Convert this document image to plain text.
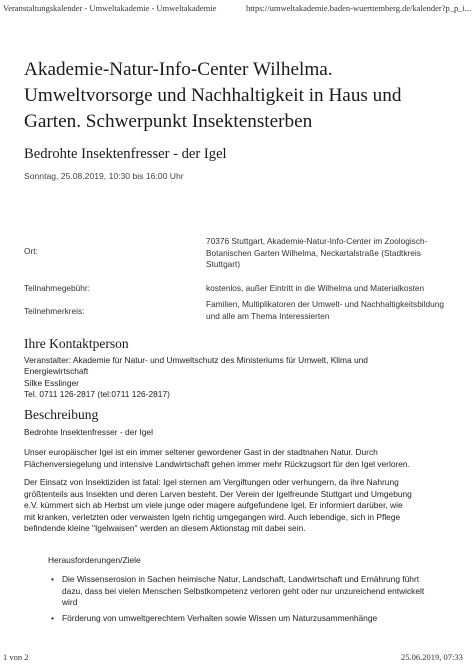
Veranstaltungskalender - Umweltakademie - Umweltakademie	https://umweltakademie.baden-wuerttemberg.de/kalender?p_p_i...
Akademie-Natur-Info-Center Wilhelma. Umweltvorsorge und Nachhaltigkeit in Haus und Garten. Schwerpunkt Insektensterben
Bedrohte Insektenfresser - der Igel
Sonntag, 25.08.2019, 10:30 bis 16:00 Uhr
Ort:
70376 Stuttgart, Akademie-Natur-Info-Center im Zoologisch-Botanischen Garten Wilhelma, Neckartalstraße (Stadtkreis Stuttgart)
Teilnahmegebühr:	kostenlos, außer Eintritt in die Wilhelma und Materialkosten
Teilnehmerkreis:
Familien, Multiplikatoren der Umwelt- und Nachhaltigkeitsbildung und alle am Thema Interessierten
Ihre Kontaktperson
Veranstalter: Akademie für Natur- und Umweltschutz des Ministeriums für Umwelt, Klima und
Energiewirtschaft
Silke Esslinger
Tel. 0711 126-2817 (tel:0711 126-2817)
Beschreibung
Bedrohte Insektenfresser - der Igel
Unser europäischer Igel ist ein immer seltener gewordener Gast in der stadtnahen Natur. Durch
Flächenversiegelung und intensive Landwirtschaft gehen immer mehr Rückzugsort für den Igel verloren.
Der Einsatz von Insektiziden ist fatal: Igel sternen am Vergiftungen oder verhungern, da ihre Nahrung
größtenteils aus Insekten und deren Larven besteht. Der Verein der Igelfreunde Stuttgart und Umgebung
e.V. kümmert sich ab Herbst um viele junge oder magere aufgefundene Igel. Er informiert darüber, wie
mit kranken, verletzten oder verwaisten Igeln richtig umgegangen wird. Auch lebendige, sich in Pflege
befindende kleine "Igelwaisen" werden an diesem Aktionstag mit dabei sein.
Herausforderungen/Ziele
• Die Wissenserosion in Sachen heimische Natur, Landschaft, Landwirtschaft und Ernährung führt
dazu, dass bei vielen Menschen Selbstkompetenz verloren geht oder nur unzureichend entwickelt
wird
• Förderung von umweltgerechtem Verhalten sowie Wissen um Naturzusammenhänge
1 von 2	25.06.2019, 07:33
